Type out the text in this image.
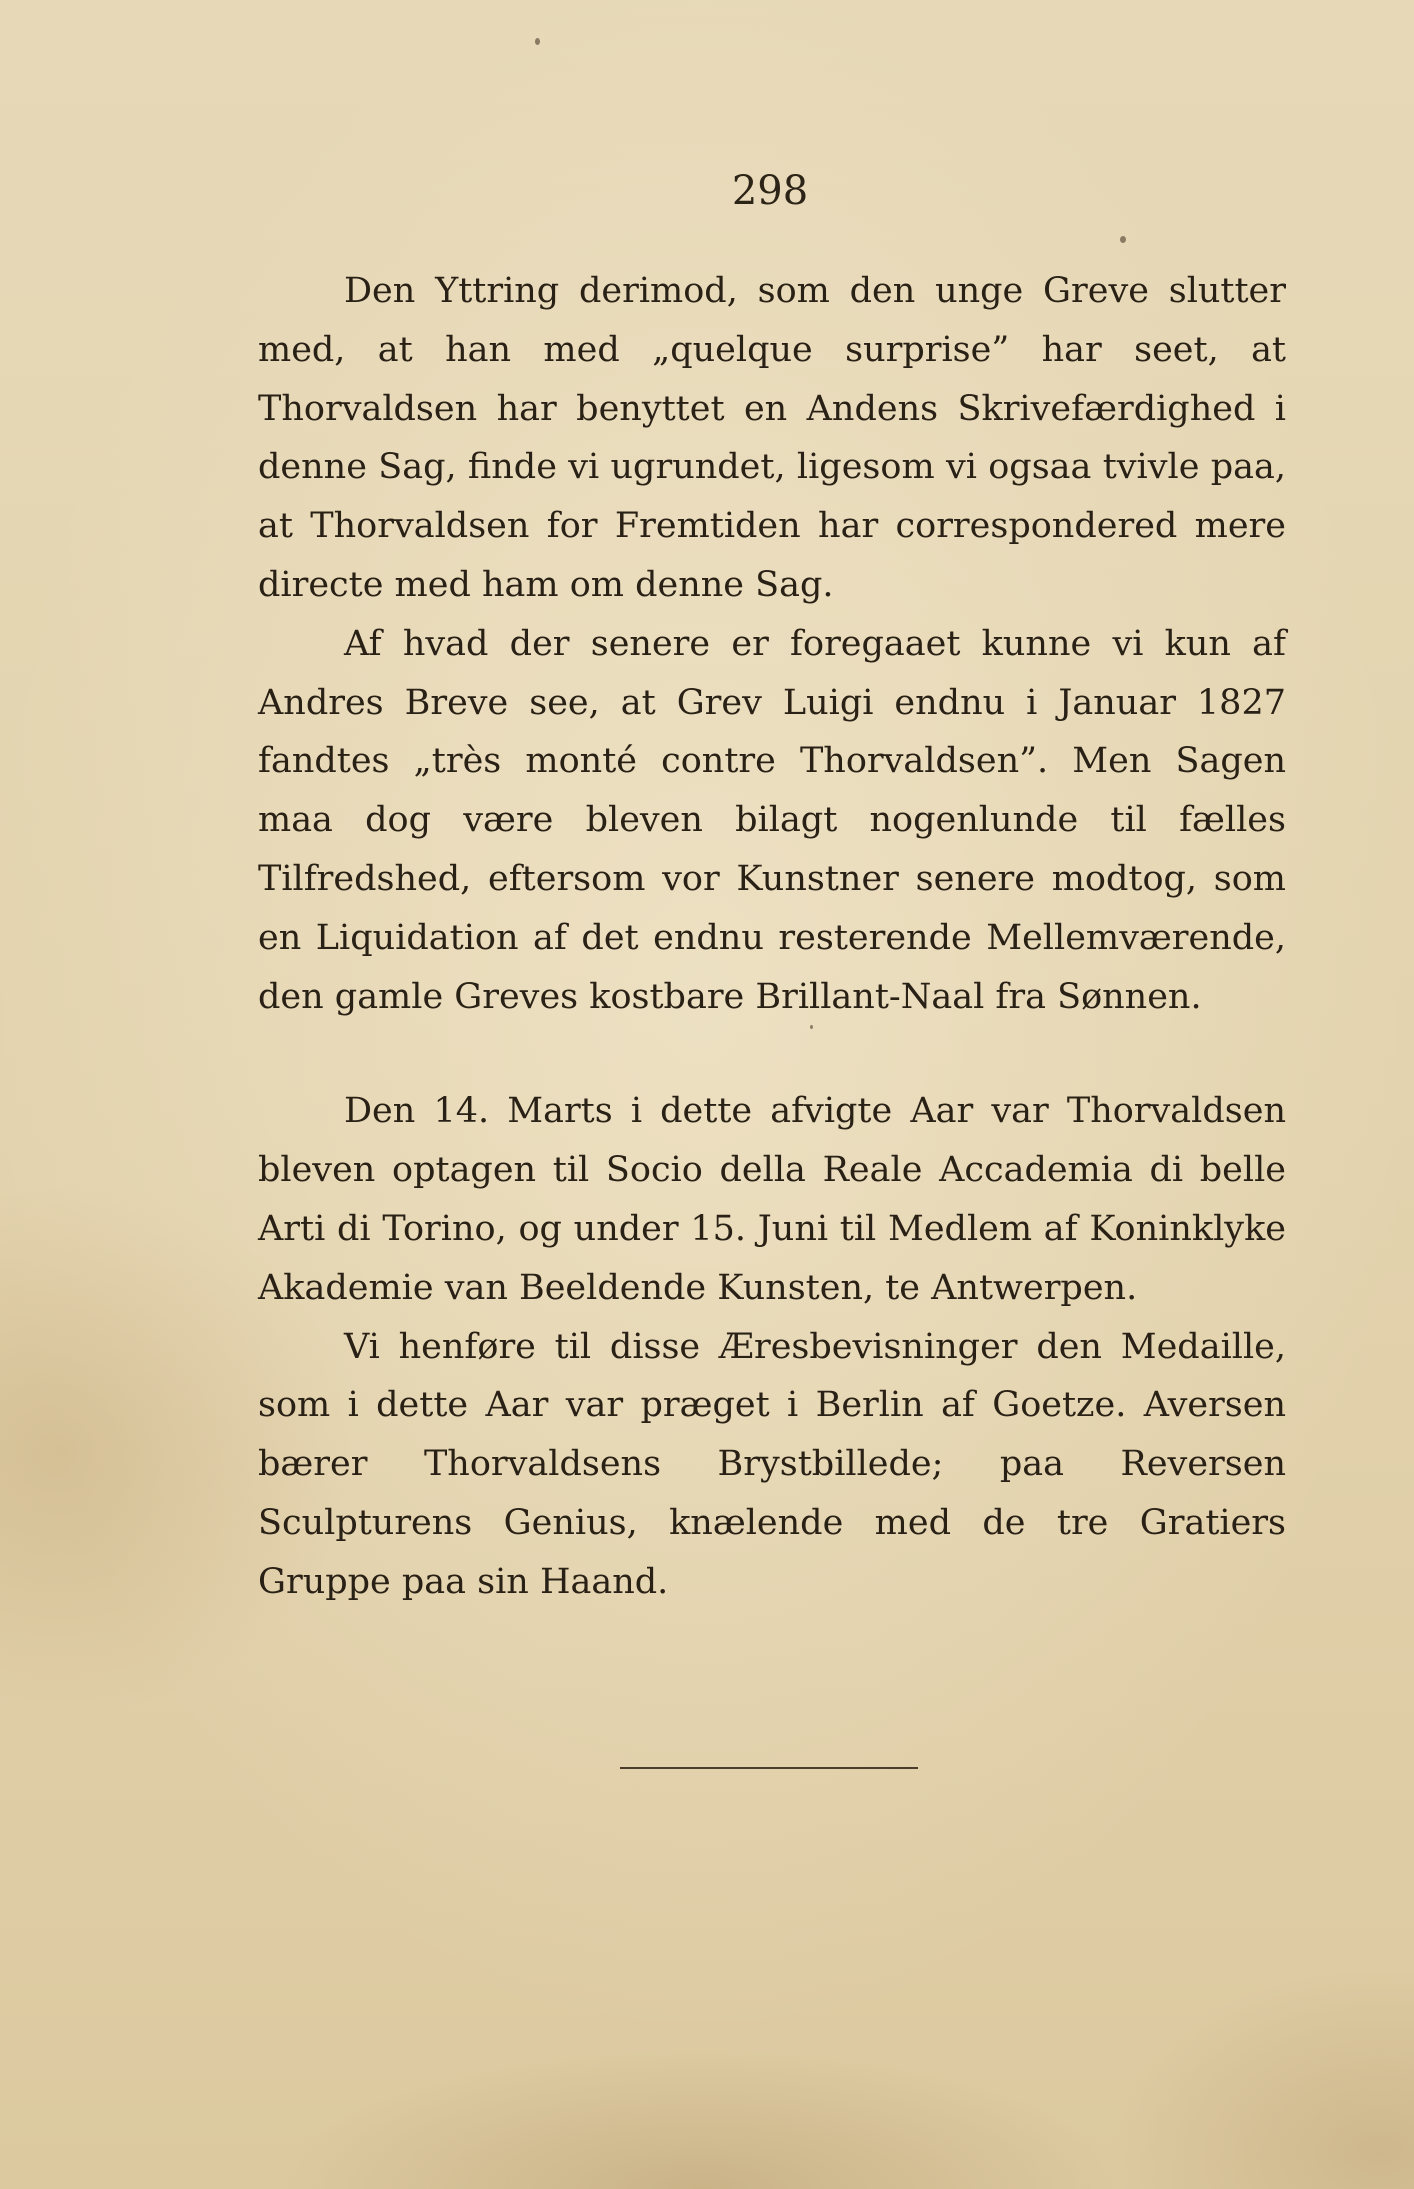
298

Den Yttring derimod, som den unge Greve slutter med, at han med „quelque surprise” har seet, at Thorvaldsen har benyttet en Andens Skrivefærdighed i denne Sag, finde vi ugrundet, ligesom vi ogsaa tvivle paa, at Thorvaldsen for Fremtiden har correspondered mere directe med ham om denne Sag.

Af hvad der senere er foregaaet kunne vi kun af Andres Breve see, at Grev Luigi endnu i Januar 1827 fandtes „très monté contre Thorvaldsen”. Men Sagen maa dog være bleven bilagt nogenlunde til fælles Tilfredshed, eftersom vor Kunstner senere modtog, som en Liquidation af det endnu resterende Mellemværende, den gamle Greves kostbare Brillant-Naal fra Sønnen.

Den 14. Marts i dette afvigte Aar var Thorvaldsen bleven optagen til Socio della Reale Accademia di belle Arti di Torino, og under 15. Juni til Medlem af Koninklyke Akademie van Beeldende Kunsten, te Antwerpen.

Vi henføre til disse Æresbevisninger den Medaille, som i dette Aar var præget i Berlin af Goetze. Aversen bærer Thorvaldsens Brystbillede; paa Reversen Sculpturens Genius, knælende med de tre Gratiers Gruppe paa sin Haand.
